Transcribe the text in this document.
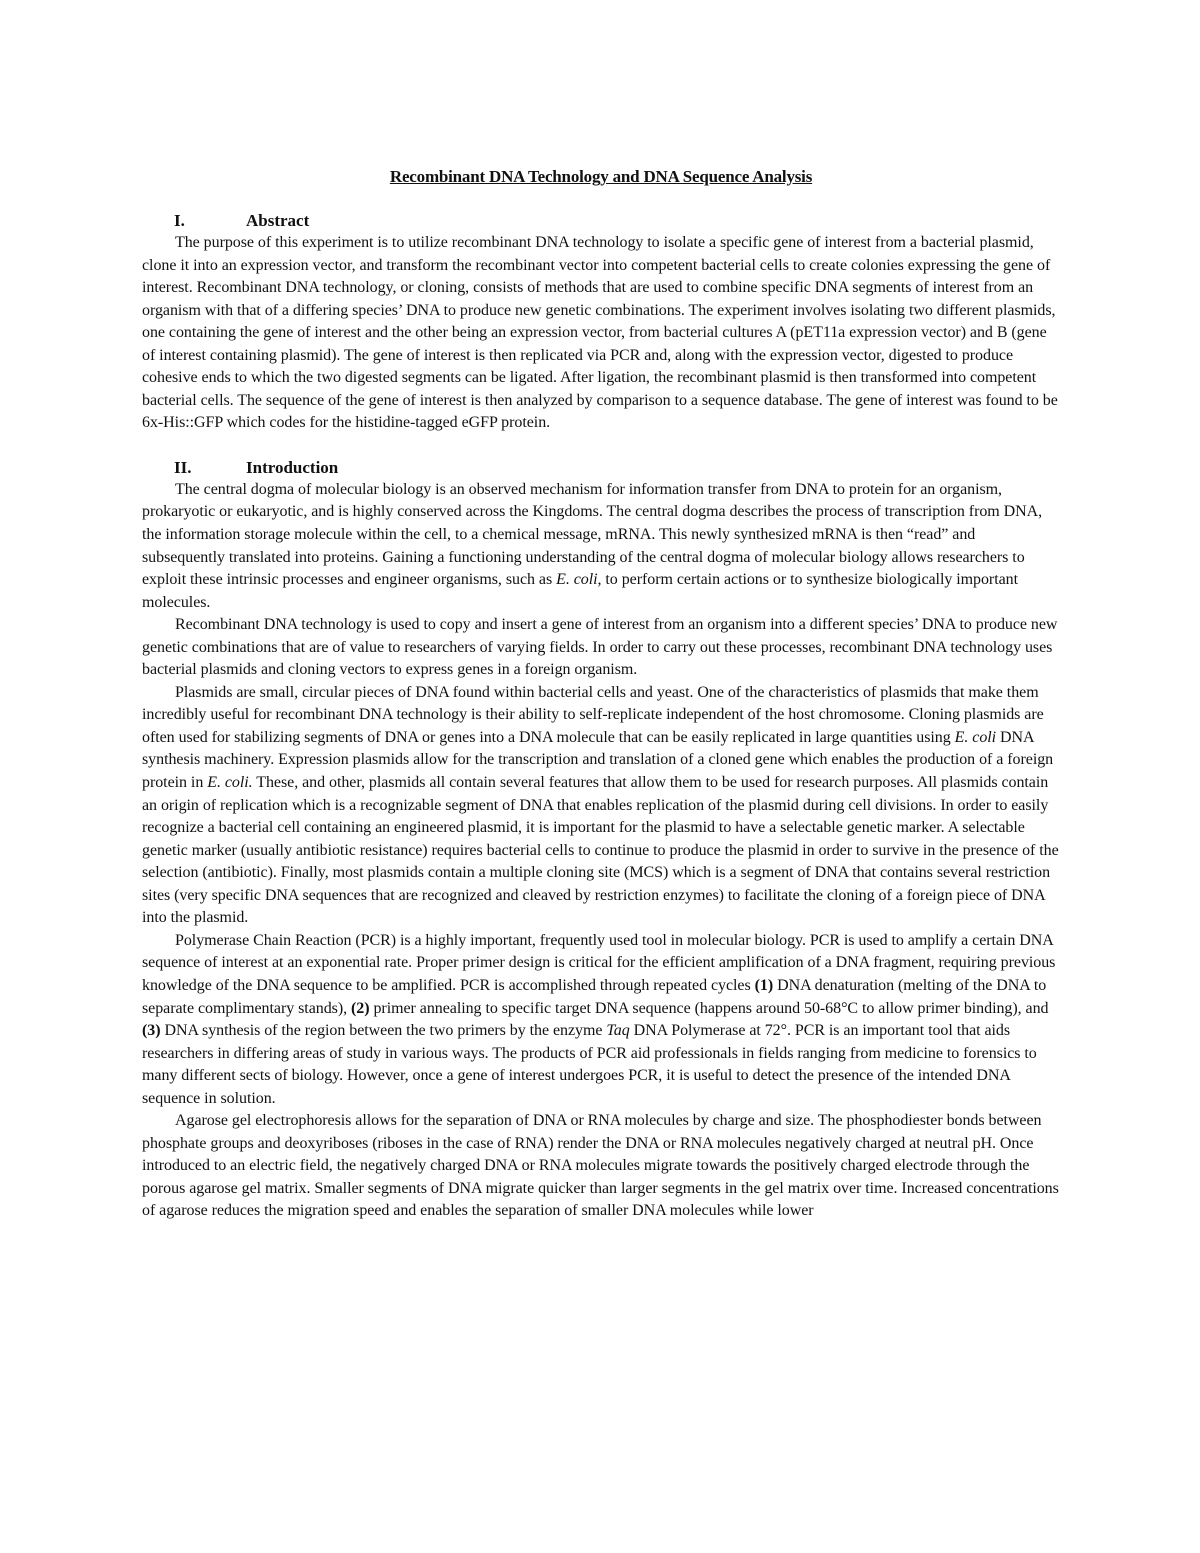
Recombinant DNA Technology and DNA Sequence Analysis
I.	Abstract

The purpose of this experiment is to utilize recombinant DNA technology to isolate a specific gene of interest from a bacterial plasmid, clone it into an expression vector, and transform the recombinant vector into competent bacterial cells to create colonies expressing the gene of interest. Recombinant DNA technology, or cloning, consists of methods that are used to combine specific DNA segments of interest from an organism with that of a differing species’ DNA to produce new genetic combinations. The experiment involves isolating two different plasmids, one containing the gene of interest and the other being an expression vector, from bacterial cultures A (pET11a expression vector) and B (gene of interest containing plasmid). The gene of interest is then replicated via PCR and, along with the expression vector, digested to produce cohesive ends to which the two digested segments can be ligated. After ligation, the recombinant plasmid is then transformed into competent bacterial cells. The sequence of the gene of interest is then analyzed by comparison to a sequence database. The gene of interest was found to be 6x-His::GFP which codes for the histidine-tagged eGFP protein.

II.	Introduction

The central dogma of molecular biology is an observed mechanism for information transfer from DNA to protein for an organism, prokaryotic or eukaryotic, and is highly conserved across the Kingdoms. The central dogma describes the process of transcription from DNA, the information storage molecule within the cell, to a chemical message, mRNA. This newly synthesized mRNA is then “read” and subsequently translated into proteins. Gaining a functioning understanding of the central dogma of molecular biology allows researchers to exploit these intrinsic processes and engineer organisms, such as E. coli, to perform certain actions or to synthesize biologically important molecules.

Recombinant DNA technology is used to copy and insert a gene of interest from an organism into a different species’ DNA to produce new genetic combinations that are of value to researchers of varying fields. In order to carry out these processes, recombinant DNA technology uses bacterial plasmids and cloning vectors to express genes in a foreign organism.

Plasmids are small, circular pieces of DNA found within bacterial cells and yeast. One of the characteristics of plasmids that make them incredibly useful for recombinant DNA technology is their ability to self-replicate independent of the host chromosome. Cloning plasmids are often used for stabilizing segments of DNA or genes into a DNA molecule that can be easily replicated in large quantities using E. coli DNA synthesis machinery. Expression plasmids allow for the transcription and translation of a cloned gene which enables the production of a foreign protein in E. coli. These, and other, plasmids all contain several features that allow them to be used for research purposes. All plasmids contain an origin of replication which is a recognizable segment of DNA that enables replication of the plasmid during cell divisions. In order to easily recognize a bacterial cell containing an engineered plasmid, it is important for the plasmid to have a selectable genetic marker. A selectable genetic marker (usually antibiotic resistance) requires bacterial cells to continue to produce the plasmid in order to survive in the presence of the selection (antibiotic). Finally, most plasmids contain a multiple cloning site (MCS) which is a segment of DNA that contains several restriction sites (very specific DNA sequences that are recognized and cleaved by restriction enzymes) to facilitate the cloning of a foreign piece of DNA into the plasmid.

Polymerase Chain Reaction (PCR) is a highly important, frequently used tool in molecular biology. PCR is used to amplify a certain DNA sequence of interest at an exponential rate. Proper primer design is critical for the efficient amplification of a DNA fragment, requiring previous knowledge of the DNA sequence to be amplified. PCR is accomplished through repeated cycles (1) DNA denaturation (melting of the DNA to separate complimentary stands), (2) primer annealing to specific target DNA sequence (happens around 50-68°C to allow primer binding), and (3) DNA synthesis of the region between the two primers by the enzyme Taq DNA Polymerase at 72°. PCR is an important tool that aids researchers in differing areas of study in various ways. The products of PCR aid professionals in fields ranging from medicine to forensics to many different sects of biology. However, once a gene of interest undergoes PCR, it is useful to detect the presence of the intended DNA sequence in solution.

Agarose gel electrophoresis allows for the separation of DNA or RNA molecules by charge and size. The phosphodiester bonds between phosphate groups and deoxyriboses (riboses in the case of RNA) render the DNA or RNA molecules negatively charged at neutral pH. Once introduced to an electric field, the negatively charged DNA or RNA molecules migrate towards the positively charged electrode through the porous agarose gel matrix. Smaller segments of DNA migrate quicker than larger segments in the gel matrix over time. Increased concentrations of agarose reduces the migration speed and enables the separation of smaller DNA molecules while lower
